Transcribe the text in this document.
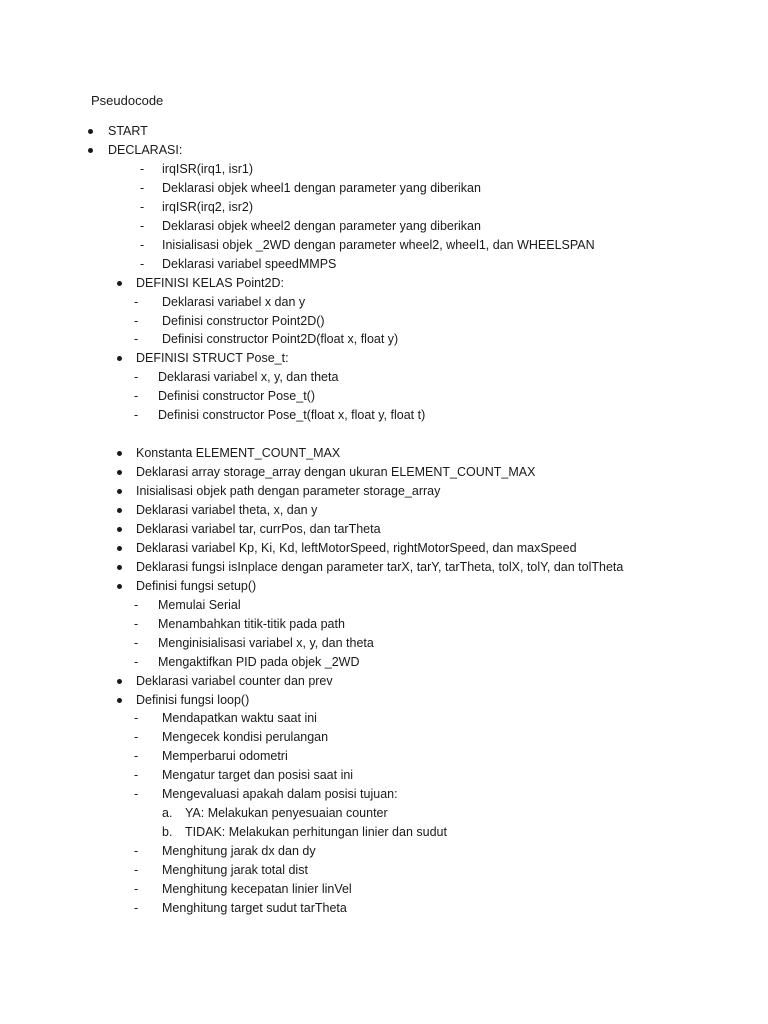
Pseudocode
START
DECLARASI:
irqISR(irq1, isr1)
Deklarasi objek wheel1 dengan parameter yang diberikan
irqISR(irq2, isr2)
Deklarasi objek wheel2 dengan parameter yang diberikan
Inisialisasi objek _2WD dengan parameter wheel2, wheel1, dan WHEELSPAN
Deklarasi variabel speedMMPS
DEFINISI KELAS Point2D:
Deklarasi variabel x dan y
Definisi constructor Point2D()
Definisi constructor Point2D(float x, float y)
DEFINISI STRUCT Pose_t:
Deklarasi variabel x, y, dan theta
Definisi constructor Pose_t()
Definisi constructor Pose_t(float x, float y, float t)
Konstanta ELEMENT_COUNT_MAX
Deklarasi array storage_array dengan ukuran ELEMENT_COUNT_MAX
Inisialisasi objek path dengan parameter storage_array
Deklarasi variabel theta, x, dan y
Deklarasi variabel tar, currPos, dan tarTheta
Deklarasi variabel Kp, Ki, Kd, leftMotorSpeed, rightMotorSpeed, dan maxSpeed
Deklarasi fungsi isInplace dengan parameter tarX, tarY, tarTheta, tolX, tolY, dan tolTheta
Definisi fungsi setup()
Memulai Serial
Menambahkan titik-titik pada path
Menginisialisasi variabel x, y, dan theta
Mengaktifkan PID pada objek _2WD
Deklarasi variabel counter dan prev
Definisi fungsi loop()
Mendapatkan waktu saat ini
Mengecek kondisi perulangan
Memperbarui odometri
Mengatur target dan posisi saat ini
Mengevaluasi apakah dalam posisi tujuan:
a. YA: Melakukan penyesuaian counter
b. TIDAK: Melakukan perhitungan linier dan sudut
Menghitung jarak dx dan dy
Menghitung jarak total dist
Menghitung kecepatan linier linVel
Menghitung target sudut tarTheta
